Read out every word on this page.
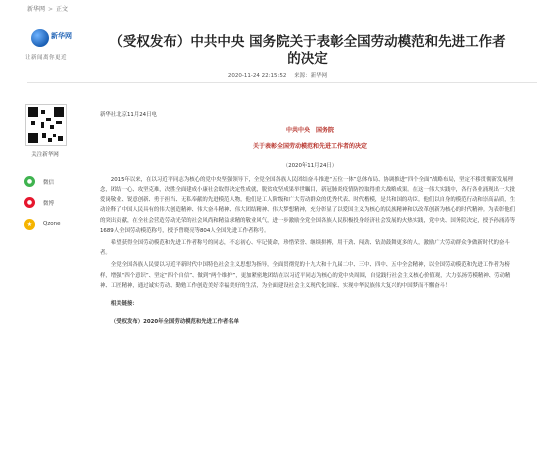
新华网 > 正文
新华网
让新闻离你更近
（受权发布）中共中央 国务院关于表彰全国劳动模范和先进工作者
的决定
2020-11-24 22:15:52 来源：新华网
关注新华网
●	微信
●	微博
★	Qzone

新华社北京11月24日电

中共中央　国务院

关于表彰全国劳动模范和先进工作者的决定

（2020年11月24日）

2015年以来，在以习近平同志为核心的党中央坚强领导下，全党全国各族人民团结奋斗推进“五位一体”总体布局、协调推进“四个全面”战略布局，坚定不移贯彻新发展理念，团结一心、攻坚克难，决胜全面建成小康社会取得决定性成就，脱贫攻坚成果举世瞩目，新冠肺炎疫情防控取得重大战略成果。在这一伟大实践中，各行各业涌现出一大批爱岗敬业、锐意创新、勇于担当、无私奉献的先进模范人物，他们是工人阶级和广大劳动群众的优秀代表、时代楷模，是共和国的功臣。他们以自身的模范行动和崇高品质，生动诠释了中国人民具有的伟大创造精神、伟大奋斗精神、伟大团结精神、伟大梦想精神，充分彰显了以爱国主义为核心的民族精神和以改革创新为核心的时代精神。为表彰他们的突出贡献，在全社会营造劳动光荣的社会风尚和精益求精的敬业风气，进一步激励全党全国各族人民积极投身经济社会发展的火热实践，党中央、国务院决定，授予孙涌涛等1689人全国劳动模范称号，授予曾晓亮等804人全国先进工作者称号。

希望获得全国劳动模范和先进工作者称号的同志，不忘初心、牢记使命，珍惜荣誉、继续拼搏，用干劲、闯劲、钻劲鼓舞更多的人，激励广大劳动群众争做新时代的奋斗者。

全党全国各族人民要以习近平新时代中国特色社会主义思想为指导，全面贯彻党的十九大和十九届二中、三中、四中、五中全会精神，以全国劳动模范和先进工作者为榜样，增强“四个意识”、坚定“四个自信”、做到“两个维护”，更加紧密地团结在以习近平同志为核心的党中央周围，自觉践行社会主义核心价值观，大力弘扬劳模精神、劳动精神、工匠精神，通过诚实劳动、勤勉工作创造美好幸福美好的生活，为全面建设社会主义现代化国家、实现中华民族伟大复兴的中国梦而不懈奋斗！

相关链接：

（受权发布）2020年全国劳动模范和先进工作者名单
